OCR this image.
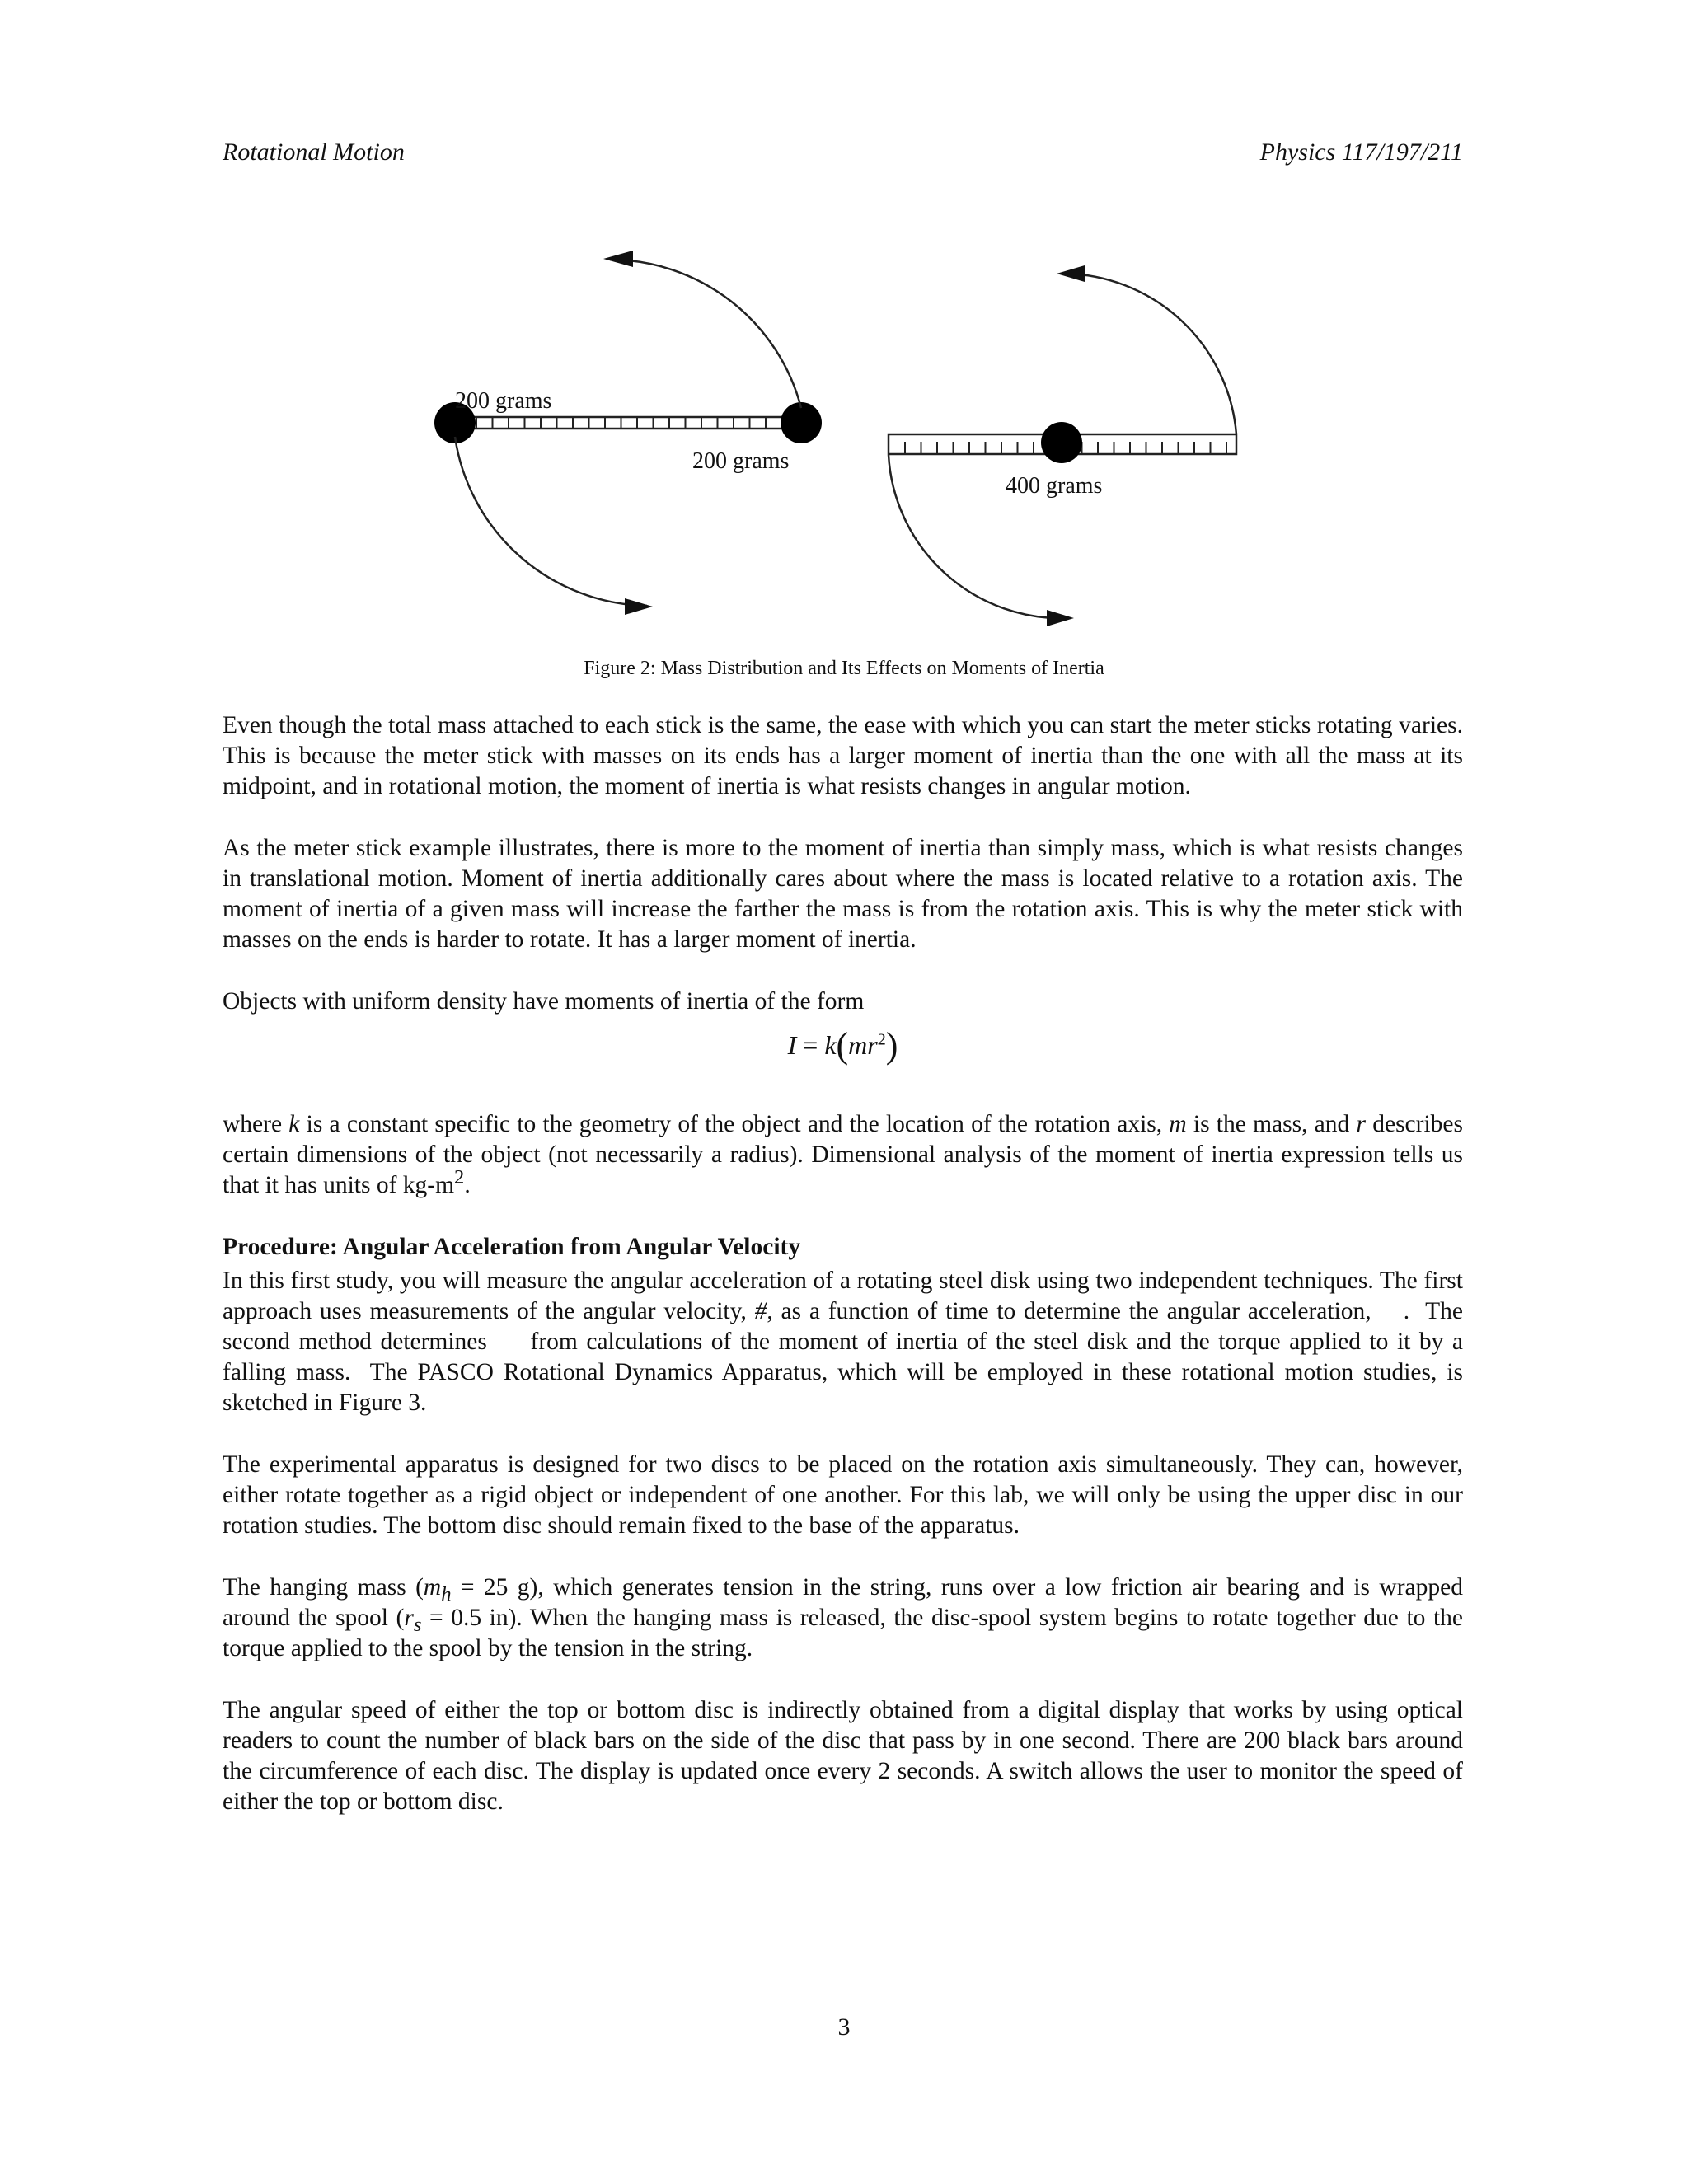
Rotational Motion	Physics 117/197/211
200 grams
200 grams
400 grams
Figure 2: Mass Distribution and Its Effects on Moments of Inertia

Even though the total mass attached to each stick is the same, the ease with which you can start the meter sticks rotating varies. This is because the meter stick with masses on its ends has a larger moment of inertia than the one with all the mass at its midpoint, and in rotational motion, the moment of inertia is what resists changes in angular motion.

As the meter stick example illustrates, there is more to the moment of inertia than simply mass, which is what resists changes in translational motion. Moment of inertia additionally cares about where the mass is located relative to a rotation axis. The moment of inertia of a given mass will increase the farther the mass is from the rotation axis. This is why the meter stick with masses on the ends is harder to rotate. It has a larger moment of inertia.

Objects with uniform density have moments of inertia of the form

$I = k(mr^2)$

where k is a constant specific to the geometry of the object and the location of the rotation axis, m is the mass, and r describes certain dimensions of the object (not necessarily a radius). Dimensional analysis of the moment of inertia expression tells us that it has units of $kg-m^2$.

Procedure: Angular Acceleration from Angular Velocity

In this first study, you will measure the angular acceleration of a rotating steel disk using two independent techniques. The first approach uses measurements of the angular velocity, #, as a function of time to determine the angular acceleration,    .  The second method determines     from calculations of the moment of inertia of the steel disk and the torque applied to it by a falling mass.  The PASCO Rotational Dynamics Apparatus, which will be employed in these rotational motion studies, is sketched in Figure 3.

The experimental apparatus is designed for two discs to be placed on the rotation axis simultaneously. They can, however, either rotate together as a rigid object or independent of one another. For this lab, we will only be using the upper disc in our rotation studies. The bottom disc should remain fixed to the base of the apparatus.

The hanging mass ($m_h = 25$ g), which generates tension in the string, runs over a low friction air bearing and is wrapped around the spool ($r_s = 0.5$ in). When the hanging mass is released, the disc-spool system begins to rotate together due to the torque applied to the spool by the tension in the string.

The angular speed of either the top or bottom disc is indirectly obtained from a digital display that works by using optical readers to count the number of black bars on the side of the disc that pass by in one second. There are 200 black bars around the circumference of each disc. The display is updated once every 2 seconds. A switch allows the user to monitor the speed of either the top or bottom disc.

3
